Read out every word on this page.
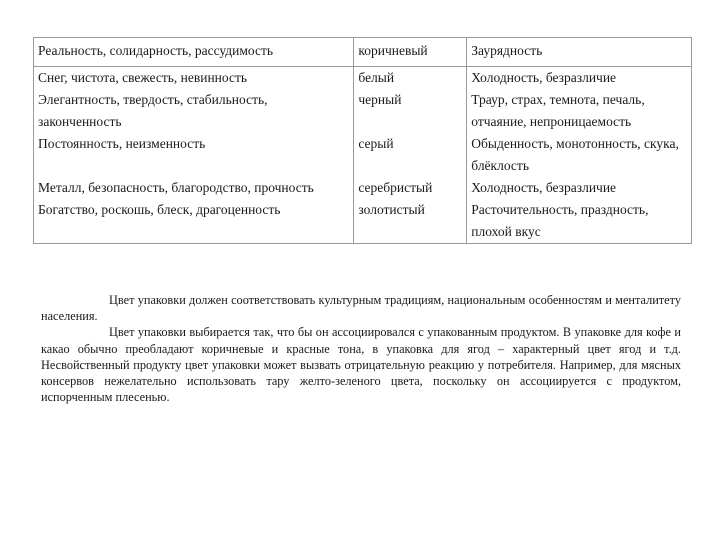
Реальность, солидарность, рассудимость	коричневый	Заурядность
Снег, чистота, свежесть, невинность	белый	Холодность, безразличие
Элегантность, твердость, стабильность, законченность	черный	Траур, страх, темнота, печаль, отчаяние, непроницаемость
Постоянность, неизменность	серый	Обыденность, монотонность, скука, блёклость
Металл, безопасность, благородство, прочность	серебристый	Холодность, безразличие
Богатство, роскошь, блеск, драгоценность	золотистый	Расточительность, праздность, плохой вкус

Цвет упаковки должен соответствовать культурным традициям, национальным особенностям и менталитету населения.

Цвет упаковки выбирается так, что бы он ассоциировался с упакованным продуктом. В упаковке для кофе и какао обычно преобладают коричневые и красные тона, в упаковка для ягод – характерный цвет ягод и т.д. Несвойственный продукту цвет упаковки может вызвать отрицательную реакцию у потребителя. Например, для мясных консервов нежелательно использовать тару желто-зеленого цвета, поскольку он ассоциируется с продуктом, испорченным плесенью.
